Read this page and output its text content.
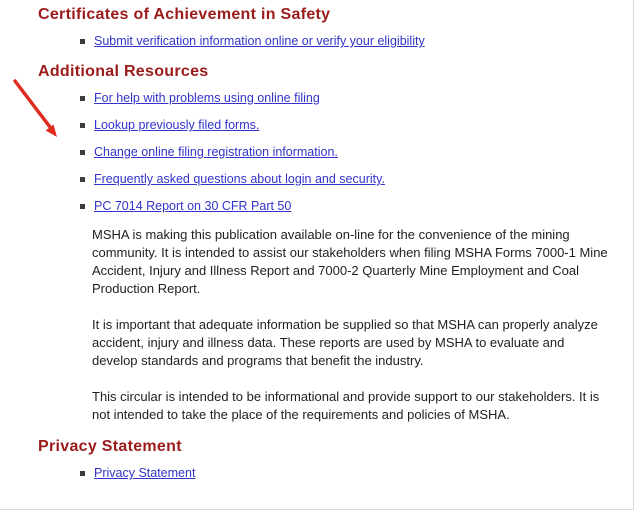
Certificates of Achievement in Safety
Submit verification information online or verify your eligibility
Additional Resources
For help with problems using online filing
Lookup previously filed forms.
Change online filing registration information.
Frequently asked questions about login and security.
PC 7014 Report on 30 CFR Part 50

MSHA is making this publication available on-line for the convenience of the mining community. It is intended to assist our stakeholders when filing MSHA Forms 7000-1 Mine Accident, Injury and Illness Report and 7000-2 Quarterly Mine Employment and Coal Production Report.

It is important that adequate information be supplied so that MSHA can properly analyze accident, injury and illness data. These reports are used by MSHA to evaluate and develop standards and programs that benefit the industry.

This circular is intended to be informational and provide support to our stakeholders. It is not intended to take the place of the requirements and policies of MSHA.

Privacy Statement
Privacy Statement
